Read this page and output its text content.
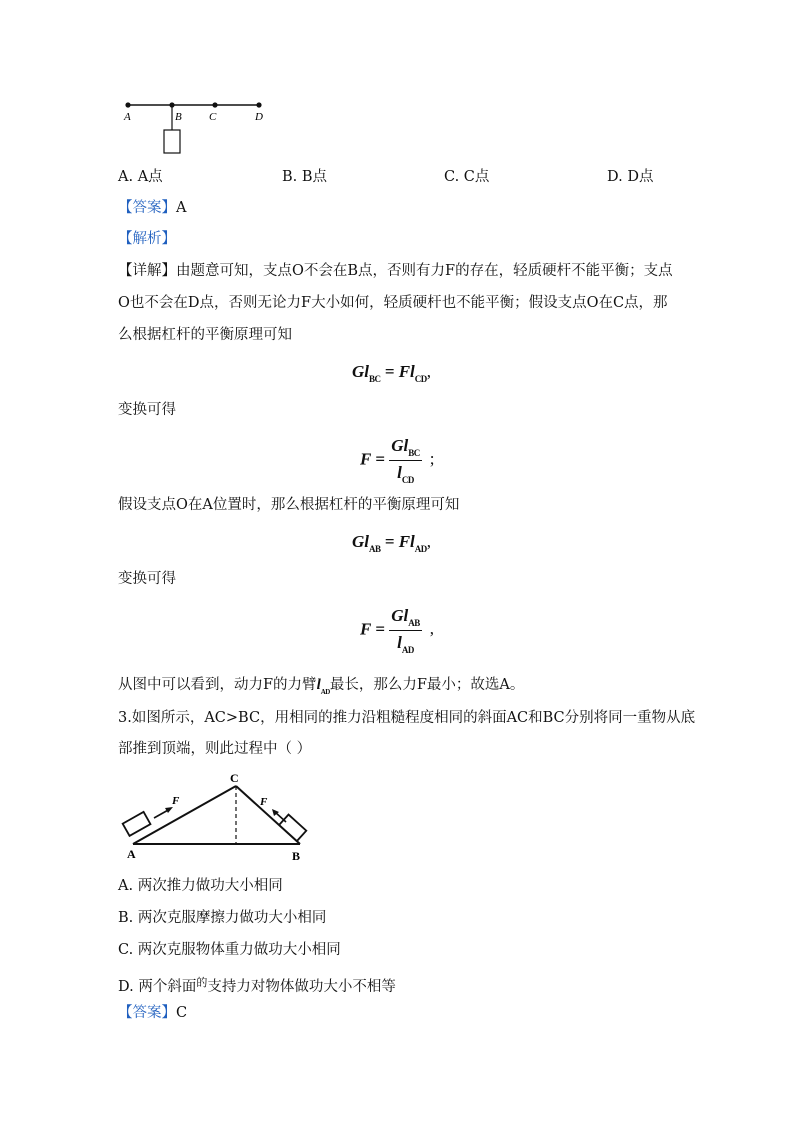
A	B C	D
A. A点	B. B点	C. C点	D. D点
【答案】A
【解析】
【详解】由题意可知，支点O不会在B点，否则有力F的存在，轻质硬杆不能平衡；支点
O也不会在D点，否则无论力F大小如何，轻质硬杆也不能平衡；假设支点O在C点，那
么根据杠杆的平衡原理可知
$Gl_{BC} = Fl_{CD}$,
变换可得
$F = \frac{Gl_{BC}}{l_{CD}}$ ;
假设支点O在A位置时，那么根据杠杆的平衡原理可知
$Gl_{AB} = Fl_{AD}$,
变换可得
$F = \frac{Gl_{AB}}{l_{AD}}$ ,
从图中可以看到，动力F的力臂$l_{AD}$最长，那么力F最小；故选A。
3.如图所示，AC>BC，用相同的推力沿粗糙程度相同的斜面AC和BC分别将同一重物从底
部推到顶端，则此过程中（ ）
F	F
A	B
C
A. 两次推力做功大小相同
B. 两次克服摩擦力做功大小相同
C. 两次克服物体重力做功大小相同
D. 两个斜面$^的$支持力对物体做功大小不相等
【答案】C
